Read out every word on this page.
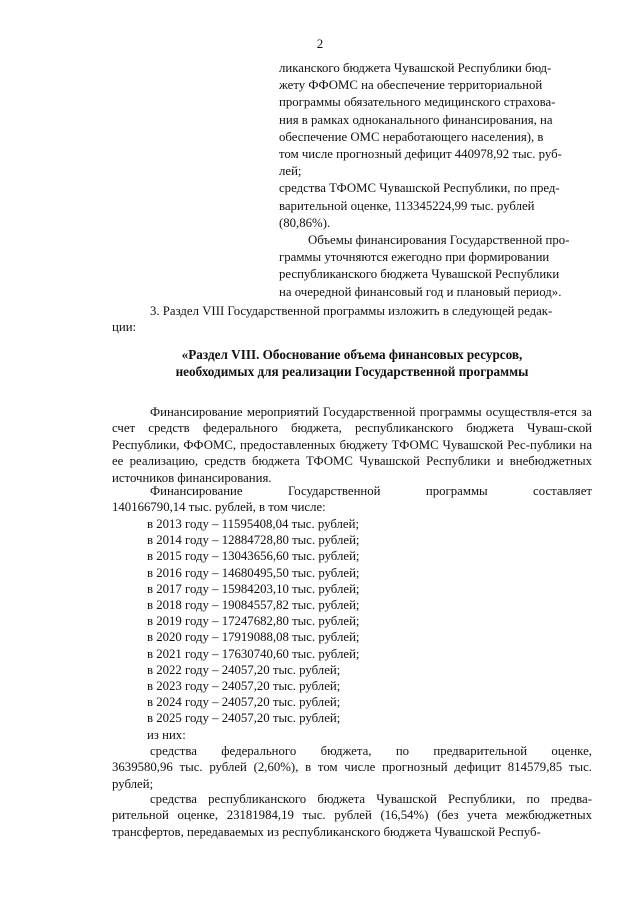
2

ликанского бюджета Чувашской Республики бюд-
жету ФФОМС на обеспечение территориальной
программы обязательного медицинского страхова-
ния в рамках одноканального финансирования, на
обеспечение ОМС неработающего населения), в
том числе прогнозный дефицит 440978,92 тыс. руб-
лей;

средства ТФОМС Чувашской Республики, по пред-
варительной оценке, 113345224,99 тыс. рублей
(80,86%).

Объемы финансирования Государственной про-
граммы уточняются ежегодно при формировании
республиканского бюджета Чувашской Республики
на очередной финансовый год и плановый период».

3. Раздел VIII Государственной программы изложить в следующей редак-
ции:

«Раздел VIII. Обоснование объема финансовых ресурсов,
необходимых для реализации Государственной программы

Финансирование мероприятий Государственной программы осуществля-ется за счет средств федерального бюджета, республиканского бюджета Чуваш-ской Республики, ФФОМС, предоставленных бюджету ТФОМС Чувашской Рес-публики на ее реализацию, средств бюджета ТФОМС Чувашской Республики и внебюджетных источников финансирования.

Финансирование	Государственной	программы	составляет
140166790,14 тыс. рублей, в том числе:
в 2013 году – 11595408,04 тыс. рублей;
в 2014 году – 12884728,80 тыс. рублей;
в 2015 году – 13043656,60 тыс. рублей;
в 2016 году – 14680495,50 тыс. рублей;
в 2017 году – 15984203,10 тыс. рублей;
в 2018 году – 19084557,82 тыс. рублей;
в 2019 году – 17247682,80 тыс. рублей;
в 2020 году – 17919088,08 тыс. рублей;
в 2021 году – 17630740,60 тыс. рублей;
в 2022 году – 24057,20 тыс. рублей;
в 2023 году – 24057,20 тыс. рублей;
в 2024 году – 24057,20 тыс. рублей;
в 2025 году – 24057,20 тыс. рублей;

из них:

средства федерального бюджета, по предварительной оценке,
3639580,96 тыс. рублей (2,60%), в том числе прогнозный дефицит 814579,85 тыс. рублей;

средства республиканского бюджета Чувашской Республики, по предва-рительной оценке, 23181984,19 тыс. рублей (16,54%) (без учета межбюджетных трансфертов, передаваемых из республиканского бюджета Чувашской Респуб-
